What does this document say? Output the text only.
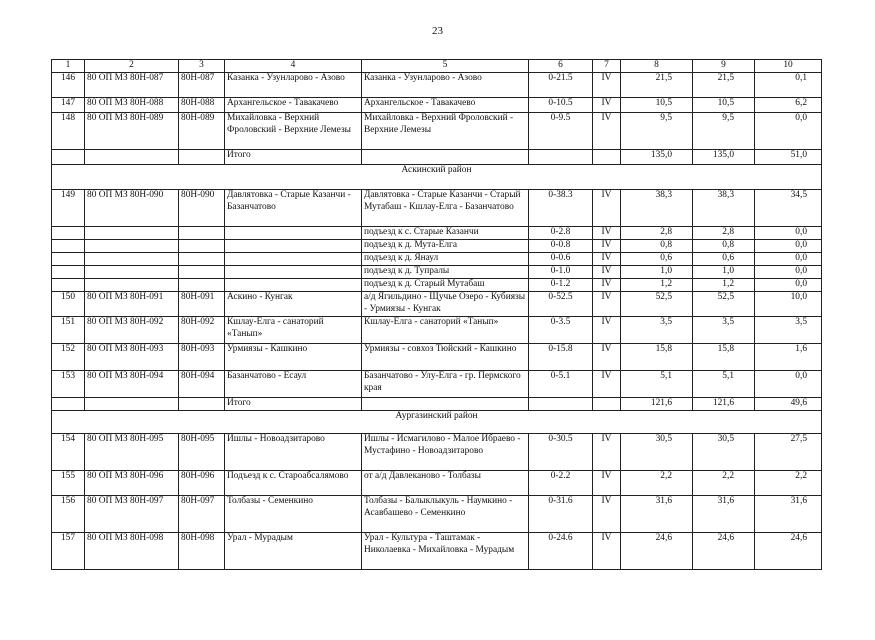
23
1	2	3	4	5	6	7	8	9	10
146	80 ОП МЗ 80Н-087	80Н-087	Казанка - Узунларово - Азово	Казанка - Узунларово - Азово	0-21.5	IV	21,5	21,5	0,1
147	80 ОП МЗ 80Н-088	80Н-088	Архангельское - Тавакачево	Архангельское - Тавакачево	0-10.5	IV	10,5	10,5	6,2
148	80 ОП МЗ 80Н-089	80Н-089	Михайловка - Верхний Фроловский - Верхние Лемезы	Михайловка - Верхний Фроловский - Верхние Лемезы	0-9.5	IV	9,5	9,5	0,0
			Итого				135,0	135,0	51,0
Аскинский район									
149	80 ОП МЗ 80Н-090	80Н-090	Давлятовка - Старые Казанчи - Базанчатово	Давлятовка - Старые Казанчи - Старый Мутабаш - Кшлау-Елга - Базанчатово	0-38.3	IV	38,3	38,3	34,5
				подъезд к с. Старые Казанчи	0-2.8	IV	2,8	2,8	0,0
				подъезд к д. Мута-Елга	0-0.8	IV	0,8	0,8	0,0
				подъезд к д. Янаул	0-0.6	IV	0,6	0,6	0,0
				подъезд к д. Тупралы	0-1.0	IV	1,0	1,0	0,0
				подъезд к д. Старый Мутабаш	0-1.2	IV	1,2	1,2	0,0
150	80 ОП МЗ 80Н-091	80Н-091	Аскино - Кунгак	а/д Ягильдино - Щучье Озеро - Кубиязы - Урмиязы - Кунгак	0-52.5	IV	52,5	52,5	10,0
151	80 ОП МЗ 80Н-092	80Н-092	Кшлау-Елга - санаторий «Танып»	Кшлау-Елга - санаторий «Танып»	0-3.5	IV	3,5	3,5	3,5
152	80 ОП МЗ 80Н-093	80Н-093	Урмиязы - Кашкино	Урмиязы - совхоз Тюйский - Кашкино	0-15.8	IV	15,8	15,8	1,6
153	80 ОП МЗ 80Н-094	80Н-094	Базанчатово - Есаул	Базанчатово - Улу-Елга - гр. Пермского края	0-5.1	IV	5,1	5,1	0,0
			Итого				121,6	121,6	49,6
Аургазинский район									
154	80 ОП МЗ 80Н-095	80Н-095	Ишлы - Новоадзитарово	Ишлы - Исмагилово - Малое Ибраево - Мустафино - Новоадзитарово	0-30.5	IV	30,5	30,5	27,5
155	80 ОП МЗ 80Н-096	80Н-096	Подъезд к с. Староабсалямово	от а/д Давлеканово - Толбазы	0-2.2	IV	2,2	2,2	2,2
156	80 ОП МЗ 80Н-097	80Н-097	Толбазы - Семенкино	Толбазы - Балыклыкуль - Наумкино - Асавбашево - Семенкино	0-31.6	IV	31,6	31,6	31,6
157	80 ОП МЗ 80Н-098	80Н-098	Урал - Мурадым	Урал - Культура - Таштамак - Николаевка - Михайловка - Мурадым	0-24.6	IV	24,6	24,6	24,6
